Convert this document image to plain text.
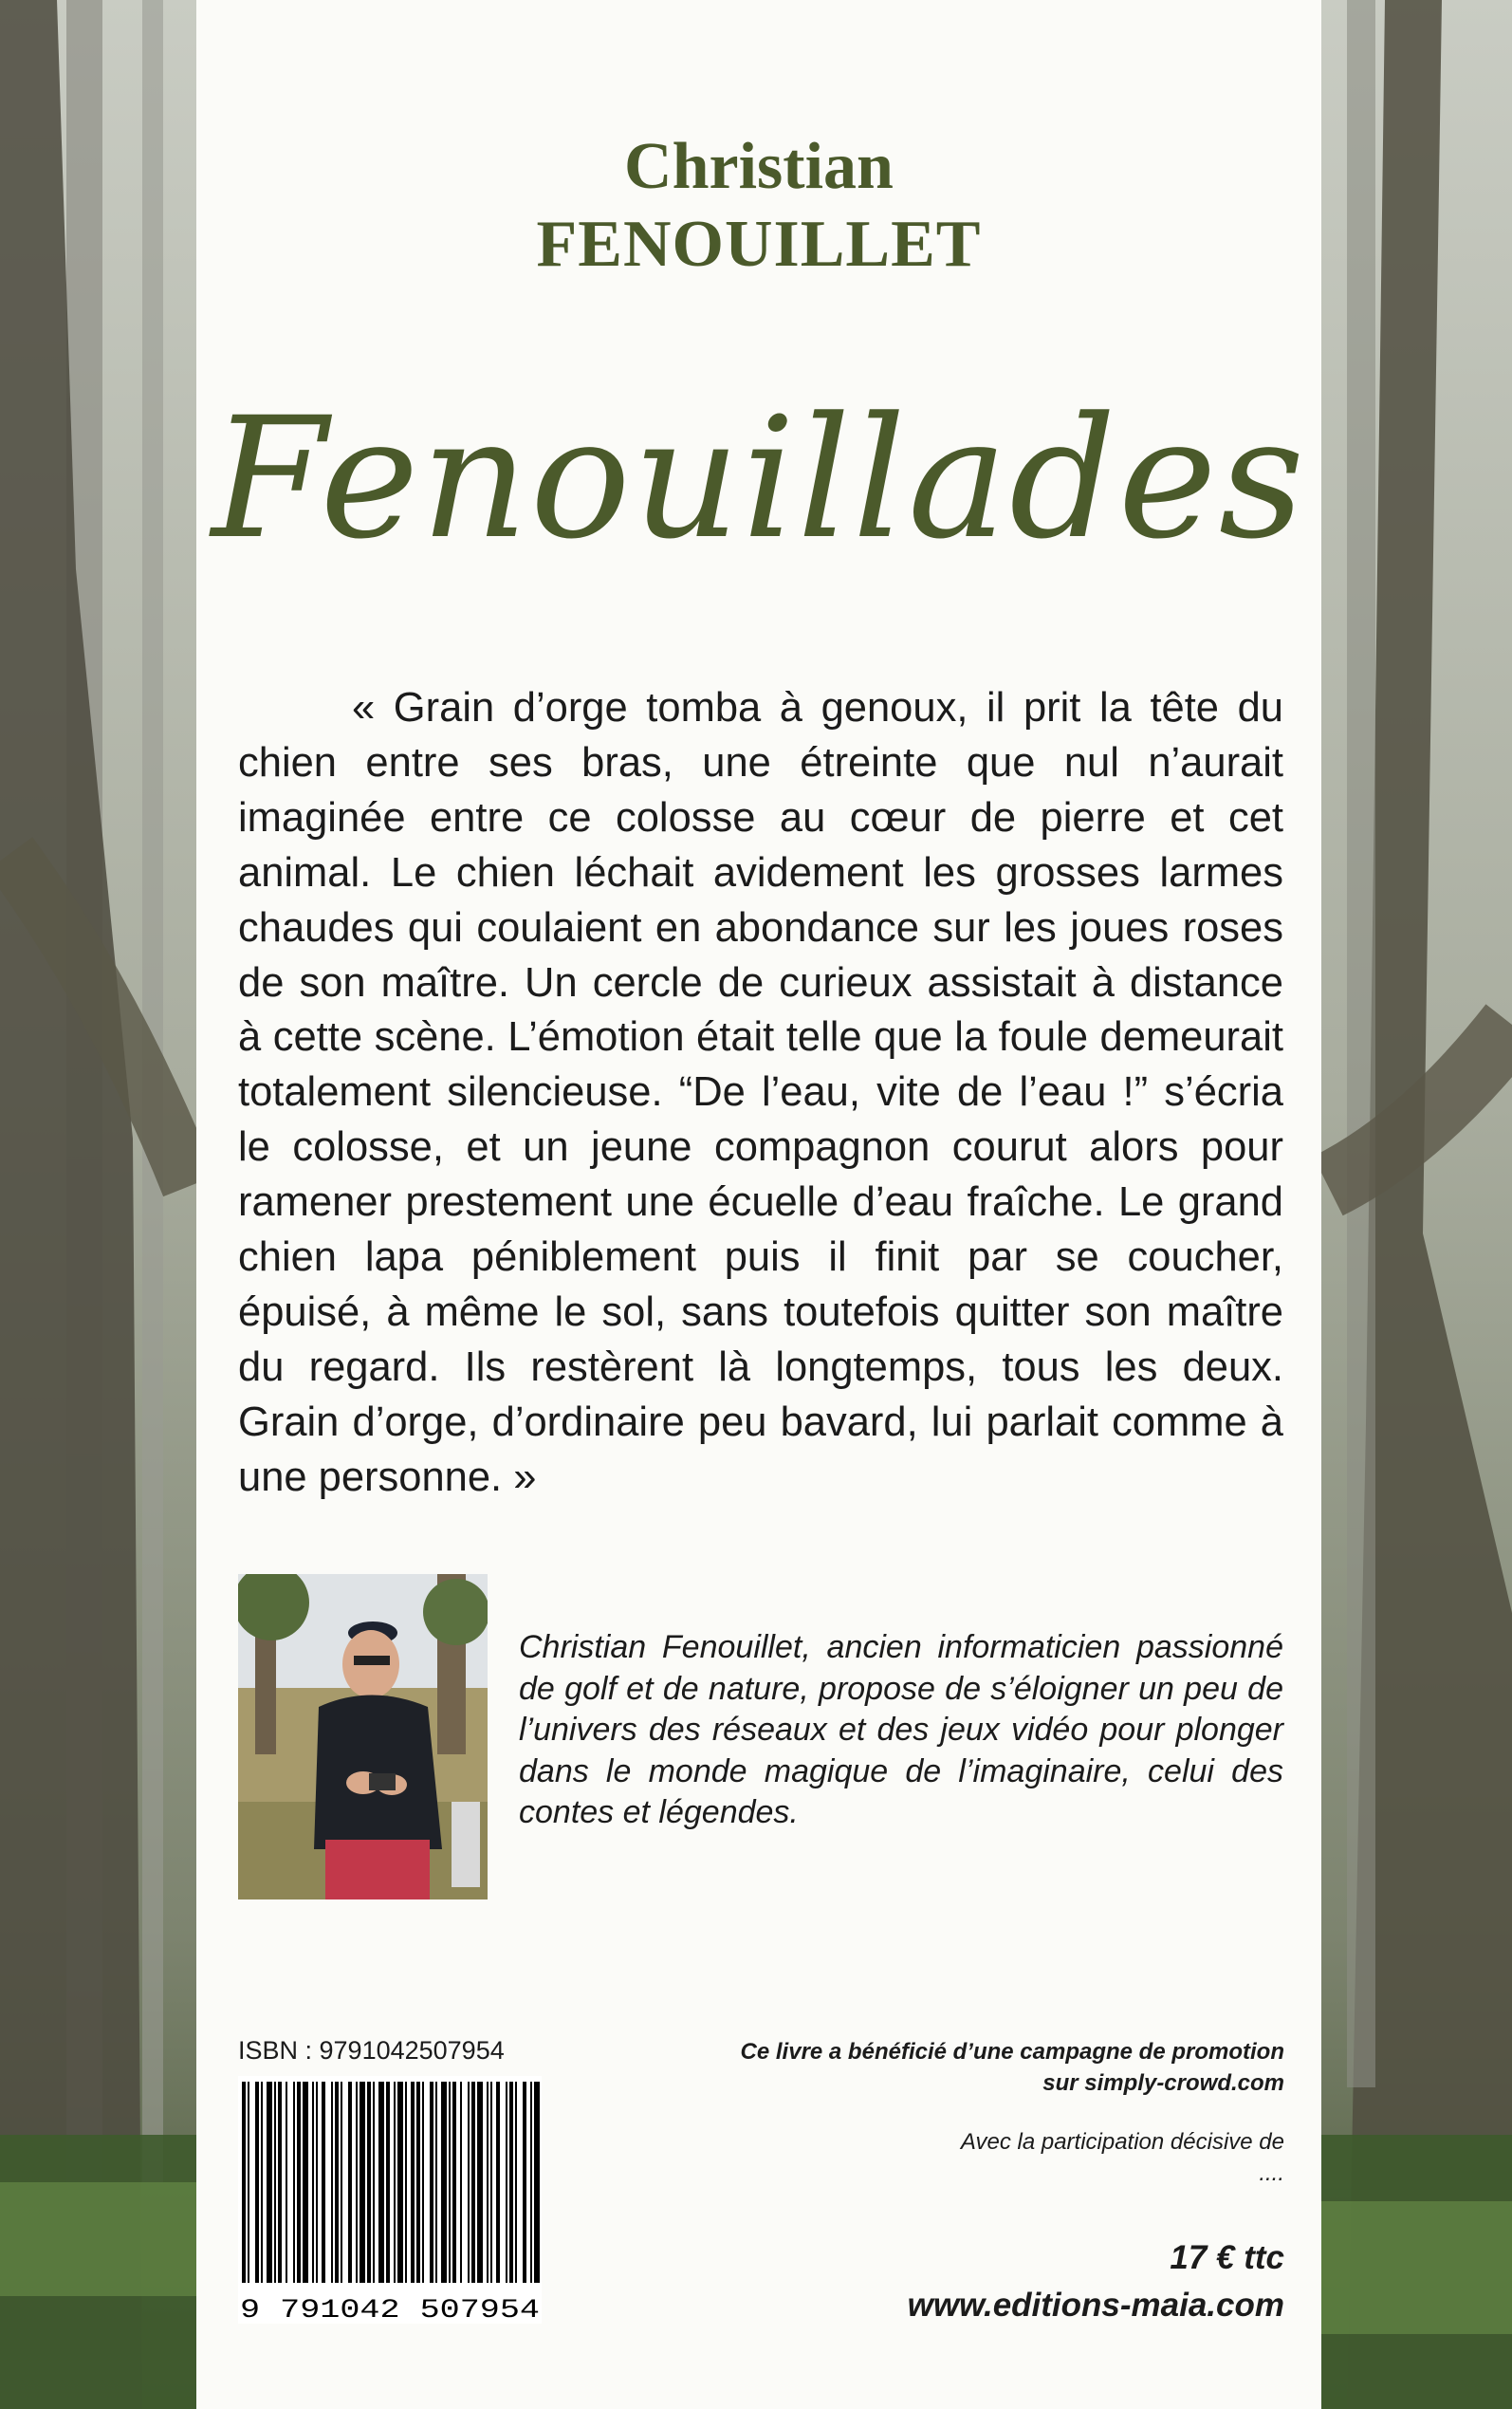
Christian
FENOUILLET
Fenouillades

« Grain d’orge tomba à genoux, il prit la tête du chien entre ses bras, une étreinte que nul n’aurait imaginée entre ce colosse au cœur de pierre et cet animal. Le chien léchait avidement les grosses larmes chaudes qui coulaient en abondance sur les joues roses de son maître. Un cercle de curieux assistait à distance à cette scène. L’émotion était telle que la foule demeurait totalement silencieuse. “De l’eau, vite de l’eau !” s’écria le colosse, et un jeune compagnon courut alors pour ramener prestement une écuelle d’eau fraîche. Le grand chien lapa péniblement puis il finit par se coucher, épuisé, à même le sol, sans toutefois quitter son maître du regard. Ils restèrent là longtemps, tous les deux. Grain d’orge, d’ordinaire peu bavard, lui parlait comme à une personne. »

Christian Fenouillet, ancien informaticien passionné de golf et de nature, propose de s’éloigner un peu de l’univers des réseaux et des jeux vidéo pour plonger dans le monde magique de l’imaginaire, celui des contes et légendes.

ISBN : 9791042507954
9 791042 507954
Ce livre a bénéficié d’une campagne de promotion
sur simply-crowd.com
Avec la participation décisive de
....
17 € ttc
www.editions-maia.com
